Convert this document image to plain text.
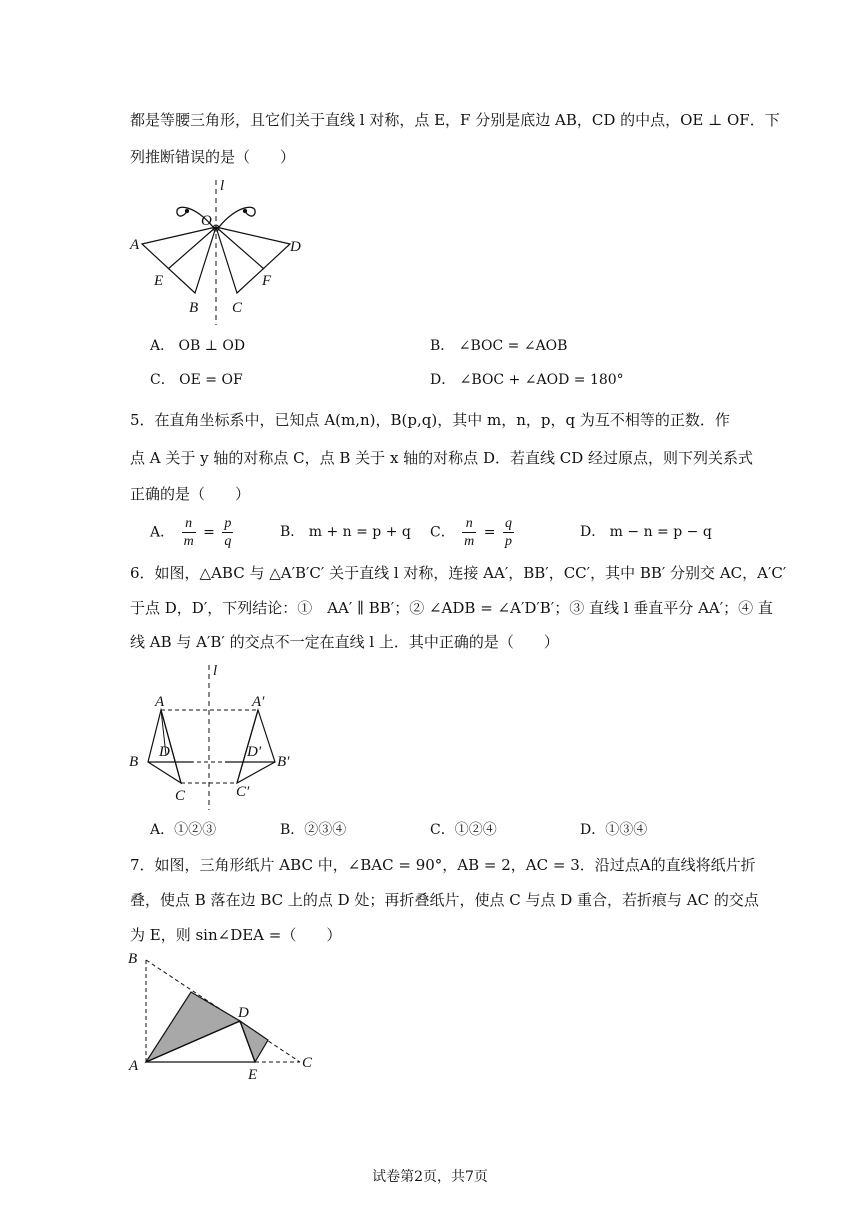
都是等腰三角形，且它们关于直线 l 对称，点 E，F 分别是底边 AB，CD 的中点，OE ⊥ OF．下
列推断错误的是（　　）
l
O
A	D
E	F
B C
A． OB ⊥ OD	B． ∠BOC = ∠AOB
C． OE = OF	D． ∠BOC + ∠AOD = 180°
5．在直角坐标系中，已知点 A(m,n)，B(p,q)，其中 m，n，p，q 为互不相等的正数．作
点 A 关于 y 轴的对称点 C，点 B 关于 x 轴的对称点 D．若直线 CD 经过原点，则下列关系式
正确的是（　　）
A． $\frac{n}{m} = \frac{p}{q}$	B． m + n = p + q C． $\frac{n}{m} = \frac{q}{p}$	D． m − n = p − q
6．如图，△ABC 与 △A′B′C′ 关于直线 l 对称，连接 AA′，BB′，CC′，其中 BB′ 分别交 AC，A′C′
于点 D，D′，下列结论：①　AA′ ∥ BB′；② ∠ADB = ∠A′D′B′；③ 直线 l 垂直平分 AA′；④ 直
线 AB 与 A′B′ 的交点不一定在直线 l 上．其中正确的是（　　）
l
A	A′
B	B′
D	D′
C	C′
A．①②③	B．②③④	C．①②④	D．①③④
7．如图，三角形纸片 ABC 中，∠BAC = 90°，AB = 2，AC = 3．沿过点A的直线将纸片折
叠，使点 B 落在边 BC 上的点 D 处；再折叠纸片，使点 C 与点 D 重合，若折痕与 AC 的交点
为 E，则 sin∠DEA =（　　）
B
D
A
E
C
试卷第2页，共7页
